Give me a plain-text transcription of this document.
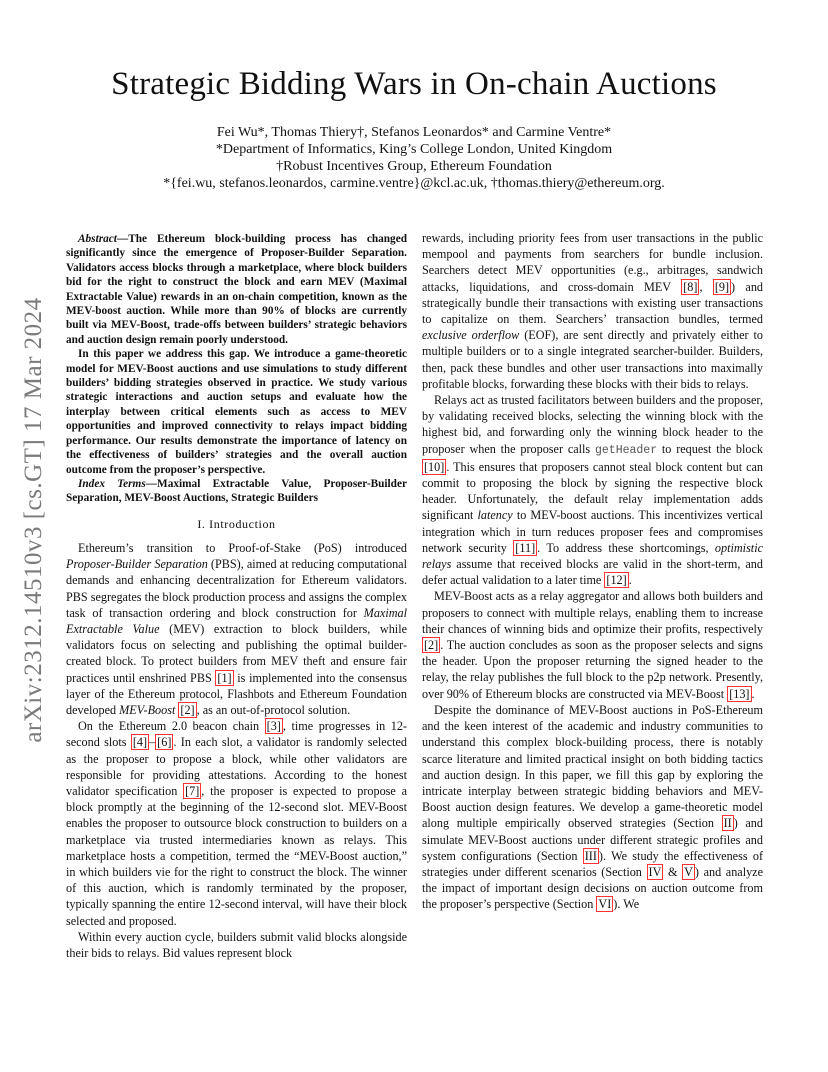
arXiv:2312.14510v3 [cs.GT] 17 Mar 2024
Strategic Bidding Wars in On-chain Auctions
Fei Wu*, Thomas Thiery†, Stefanos Leonardos* and Carmine Ventre*
*Department of Informatics, King’s College London, United Kingdom
†Robust Incentives Group, Ethereum Foundation
*{fei.wu, stefanos.leonardos, carmine.ventre}@kcl.ac.uk, †thomas.thiery@ethereum.org.

Abstract—The Ethereum block-building process has changed significantly since the emergence of Proposer-Builder Separation. Validators access blocks through a marketplace, where block builders bid for the right to construct the block and earn MEV (Maximal Extractable Value) rewards in an on-chain competition, known as the MEV-boost auction. While more than 90% of blocks are currently built via MEV-Boost, trade-offs between builders’ strategic behaviors and auction design remain poorly understood.

In this paper we address this gap. We introduce a game-theoretic model for MEV-Boost auctions and use simulations to study different builders’ bidding strategies observed in practice. We study various strategic interactions and auction setups and evaluate how the interplay between critical elements such as access to MEV opportunities and improved connectivity to relays impact bidding performance. Our results demonstrate the importance of latency on the effectiveness of builders’ strategies and the overall auction outcome from the proposer’s perspective.

Index Terms—Maximal Extractable Value, Proposer-Builder Separation, MEV-Boost Auctions, Strategic Builders

I. Introduction

Ethereum’s transition to Proof-of-Stake (PoS) introduced Proposer-Builder Separation (PBS), aimed at reducing computational demands and enhancing decentralization for Ethereum validators. PBS segregates the block production process and assigns the complex task of transaction ordering and block construction for Maximal Extractable Value (MEV) extraction to block builders, while validators focus on selecting and publishing the optimal builder-created block. To protect builders from MEV theft and ensure fair practices until enshrined PBS [1] is implemented into the consensus layer of the Ethereum protocol, Flashbots and Ethereum Foundation developed MEV-Boost [2] , as an out-of-protocol solution.

On the Ethereum 2.0 beacon chain [3] , time progresses in 12-second slots [4] – [6] . In each slot, a validator is randomly selected as the proposer to propose a block, while other validators are responsible for providing attestations. According to the honest validator specification [7] , the proposer is expected to propose a block promptly at the beginning of the 12-second slot. MEV-Boost enables the proposer to outsource block construction to builders on a marketplace via trusted intermediaries known as relays. This marketplace hosts a competition, termed the “MEV-Boost auction,” in which builders vie for the right to construct the block. The winner of this auction, which is randomly terminated by the proposer, typically spanning the entire 12-second interval, will have their block selected and proposed.

Within every auction cycle, builders submit valid blocks alongside their bids to relays. Bid values represent block

rewards, including priority fees from user transactions in the public mempool and payments from searchers for bundle inclusion. Searchers detect MEV opportunities (e.g., arbitrages, sandwich attacks, liquidations, and cross-domain MEV [8] , [9] ) and strategically bundle their transactions with existing user transactions to capitalize on them. Searchers’ transaction bundles, termed exclusive orderflow (EOF), are sent directly and privately either to multiple builders or to a single integrated searcher-builder. Builders, then, pack these bundles and other user transactions into maximally profitable blocks, forwarding these blocks with their bids to relays.

Relays act as trusted facilitators between builders and the proposer, by validating received blocks, selecting the winning block with the highest bid, and forwarding only the winning block header to the proposer when the proposer calls getHeader to request the block [10] . This ensures that proposers cannot steal block content but can commit to proposing the block by signing the respective block header. Unfortunately, the default relay implementation adds significant latency to MEV-boost auctions. This incentivizes vertical integration which in turn reduces proposer fees and compromises network security [11] . To address these shortcomings, optimistic relays assume that received blocks are valid in the short-term, and defer actual validation to a later time [12] .

MEV-Boost acts as a relay aggregator and allows both builders and proposers to connect with multiple relays, enabling them to increase their chances of winning bids and optimize their profits, respectively [2] . The auction concludes as soon as the proposer selects and signs the header. Upon the proposer returning the signed header to the relay, the relay publishes the full block to the p2p network. Presently, over 90% of Ethereum blocks are constructed via MEV-Boost [13] .

Despite the dominance of MEV-Boost auctions in PoS-Ethereum and the keen interest of the academic and industry communities to understand this complex block-building process, there is notably scarce literature and limited practical insight on both bidding tactics and auction design. In this paper, we fill this gap by exploring the intricate interplay between strategic bidding behaviors and MEV-Boost auction design features. We develop a game-theoretic model along multiple empirically observed strategies (Section II ) and simulate MEV-Boost auctions under different strategic profiles and system configurations (Section III ). We study the effectiveness of strategies under different scenarios (Section IV & V ) and analyze the impact of important design decisions on auction outcome from the proposer’s perspective (Section VI ). We
